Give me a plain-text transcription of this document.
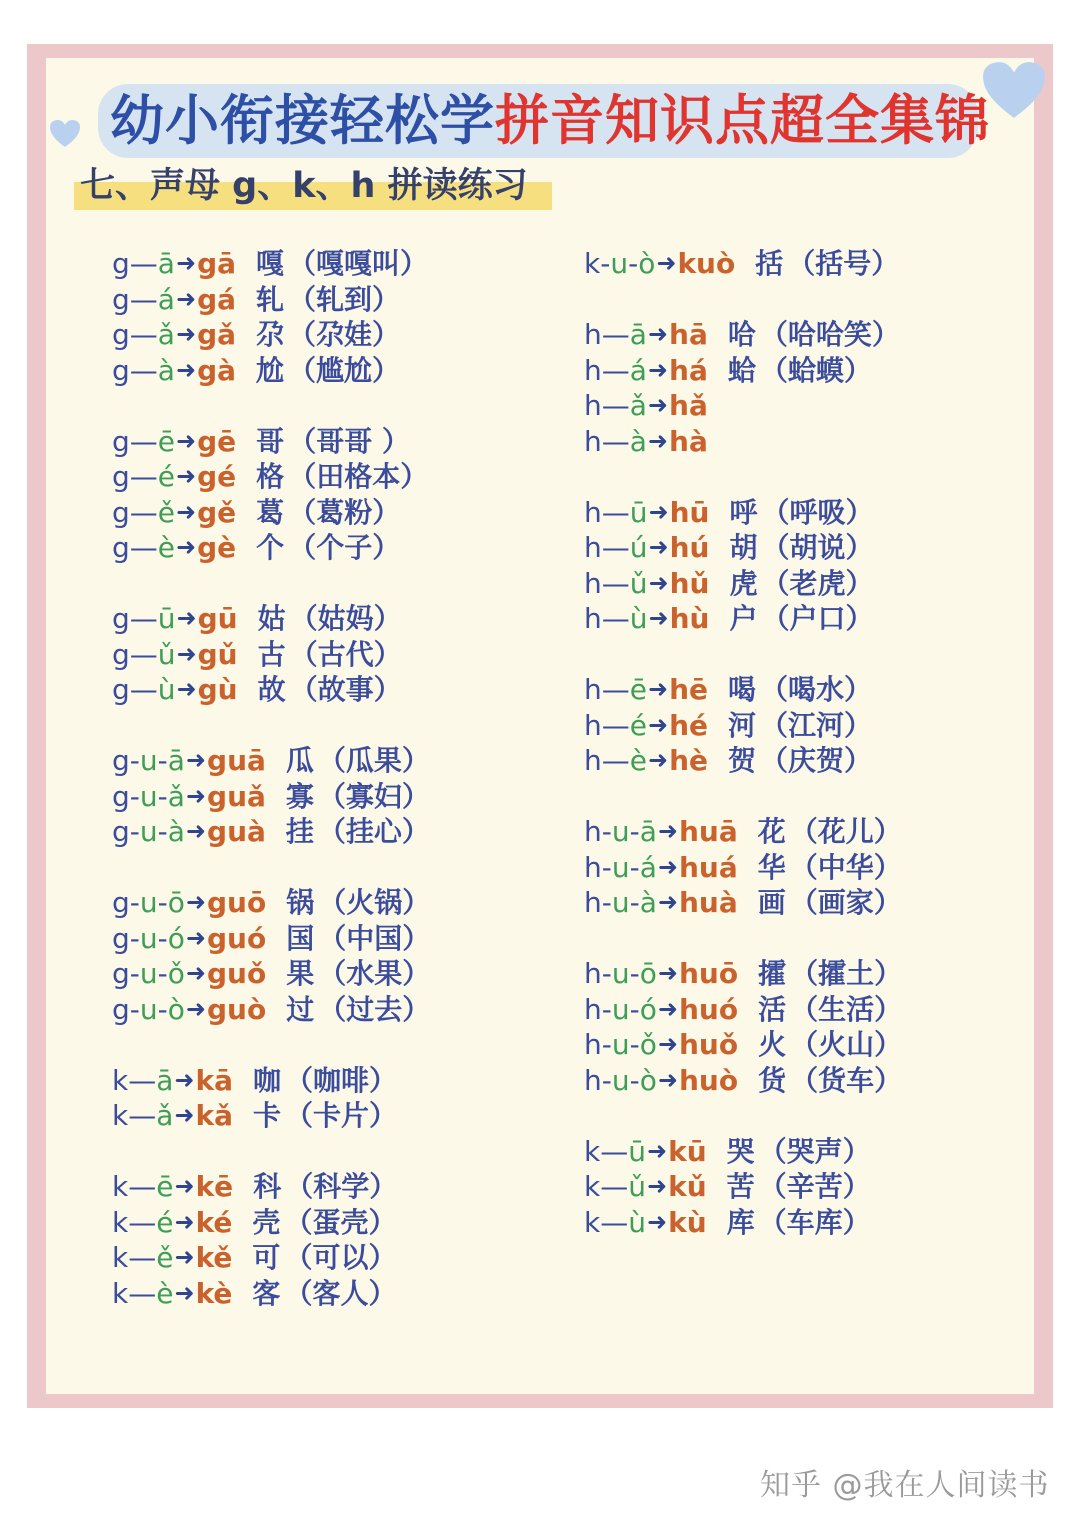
幼小衔接轻松学拼音知识点超全集锦
七、声母 g、k、h 拼读练习
g — ā ➜ gā 嘎 （嘎嘎叫）
g — á ➜ gá 轧 （轧到）
g — ǎ ➜ gǎ 尕 （尕娃）
g — à ➜ gà 尬 （尴尬）
g — ē ➜ gē 哥 （哥哥 ）
g — é ➜ gé 格 （田格本）
g — ě ➜ gě 葛 （葛粉）
g — è ➜ gè 个 （个子）
g — ū ➜ gū 姑 （姑妈）
g — ǔ ➜ gǔ 古 （古代）
g — ù ➜ gù 故 （故事）
g - u - ā ➜ guā 瓜 （瓜果）
g - u - ǎ ➜ guǎ 寡 （寡妇）
g - u - à ➜ guà 挂 （挂心）
g - u - ō ➜ guō 锅 （火锅）
g - u - ó ➜ guó 国 （中国）
g - u - ǒ ➜ guǒ 果 （水果）
g - u - ò ➜ guò 过 （过去）
k — ā ➜ kā 咖 （咖啡）
k — ǎ ➜ kǎ 卡 （卡片）
k — ē ➜ kē 科 （科学）
k — é ➜ ké 壳 （蛋壳）
k — ě ➜ kě 可 （可以）
k — è ➜ kè 客 （客人）
k - u - ò ➜ kuò 括 （括号）
h — ā ➜ hā 哈 （哈哈笑）
h — á ➜ há 蛤 （蛤蟆）
h — ǎ ➜ hǎ
h — à ➜ hà
h — ū ➜ hū 呼 （呼吸）
h — ú ➜ hú 胡 （胡说）
h — ǔ ➜ hǔ 虎 （老虎）
h — ù ➜ hù 户 （户口）
h — ē ➜ hē 喝 （喝水）
h — é ➜ hé 河 （江河）
h — è ➜ hè 贺 （庆贺）
h - u - ā ➜ huā 花 （花儿）
h - u - á ➜ huá 华 （中华）
h - u - à ➜ huà 画 （画家）
h - u - ō ➜ huō 攉 （攉土）
h - u - ó ➜ huó 活 （生活）
h - u - ǒ ➜ huǒ 火 （火山）
h - u - ò ➜ huò 货 （货车）
k — ū ➜ kū 哭 （哭声）
k — ǔ ➜ kǔ 苦 （辛苦）
k — ù ➜ kù 库 （车库）
知乎 @我在人间读书
